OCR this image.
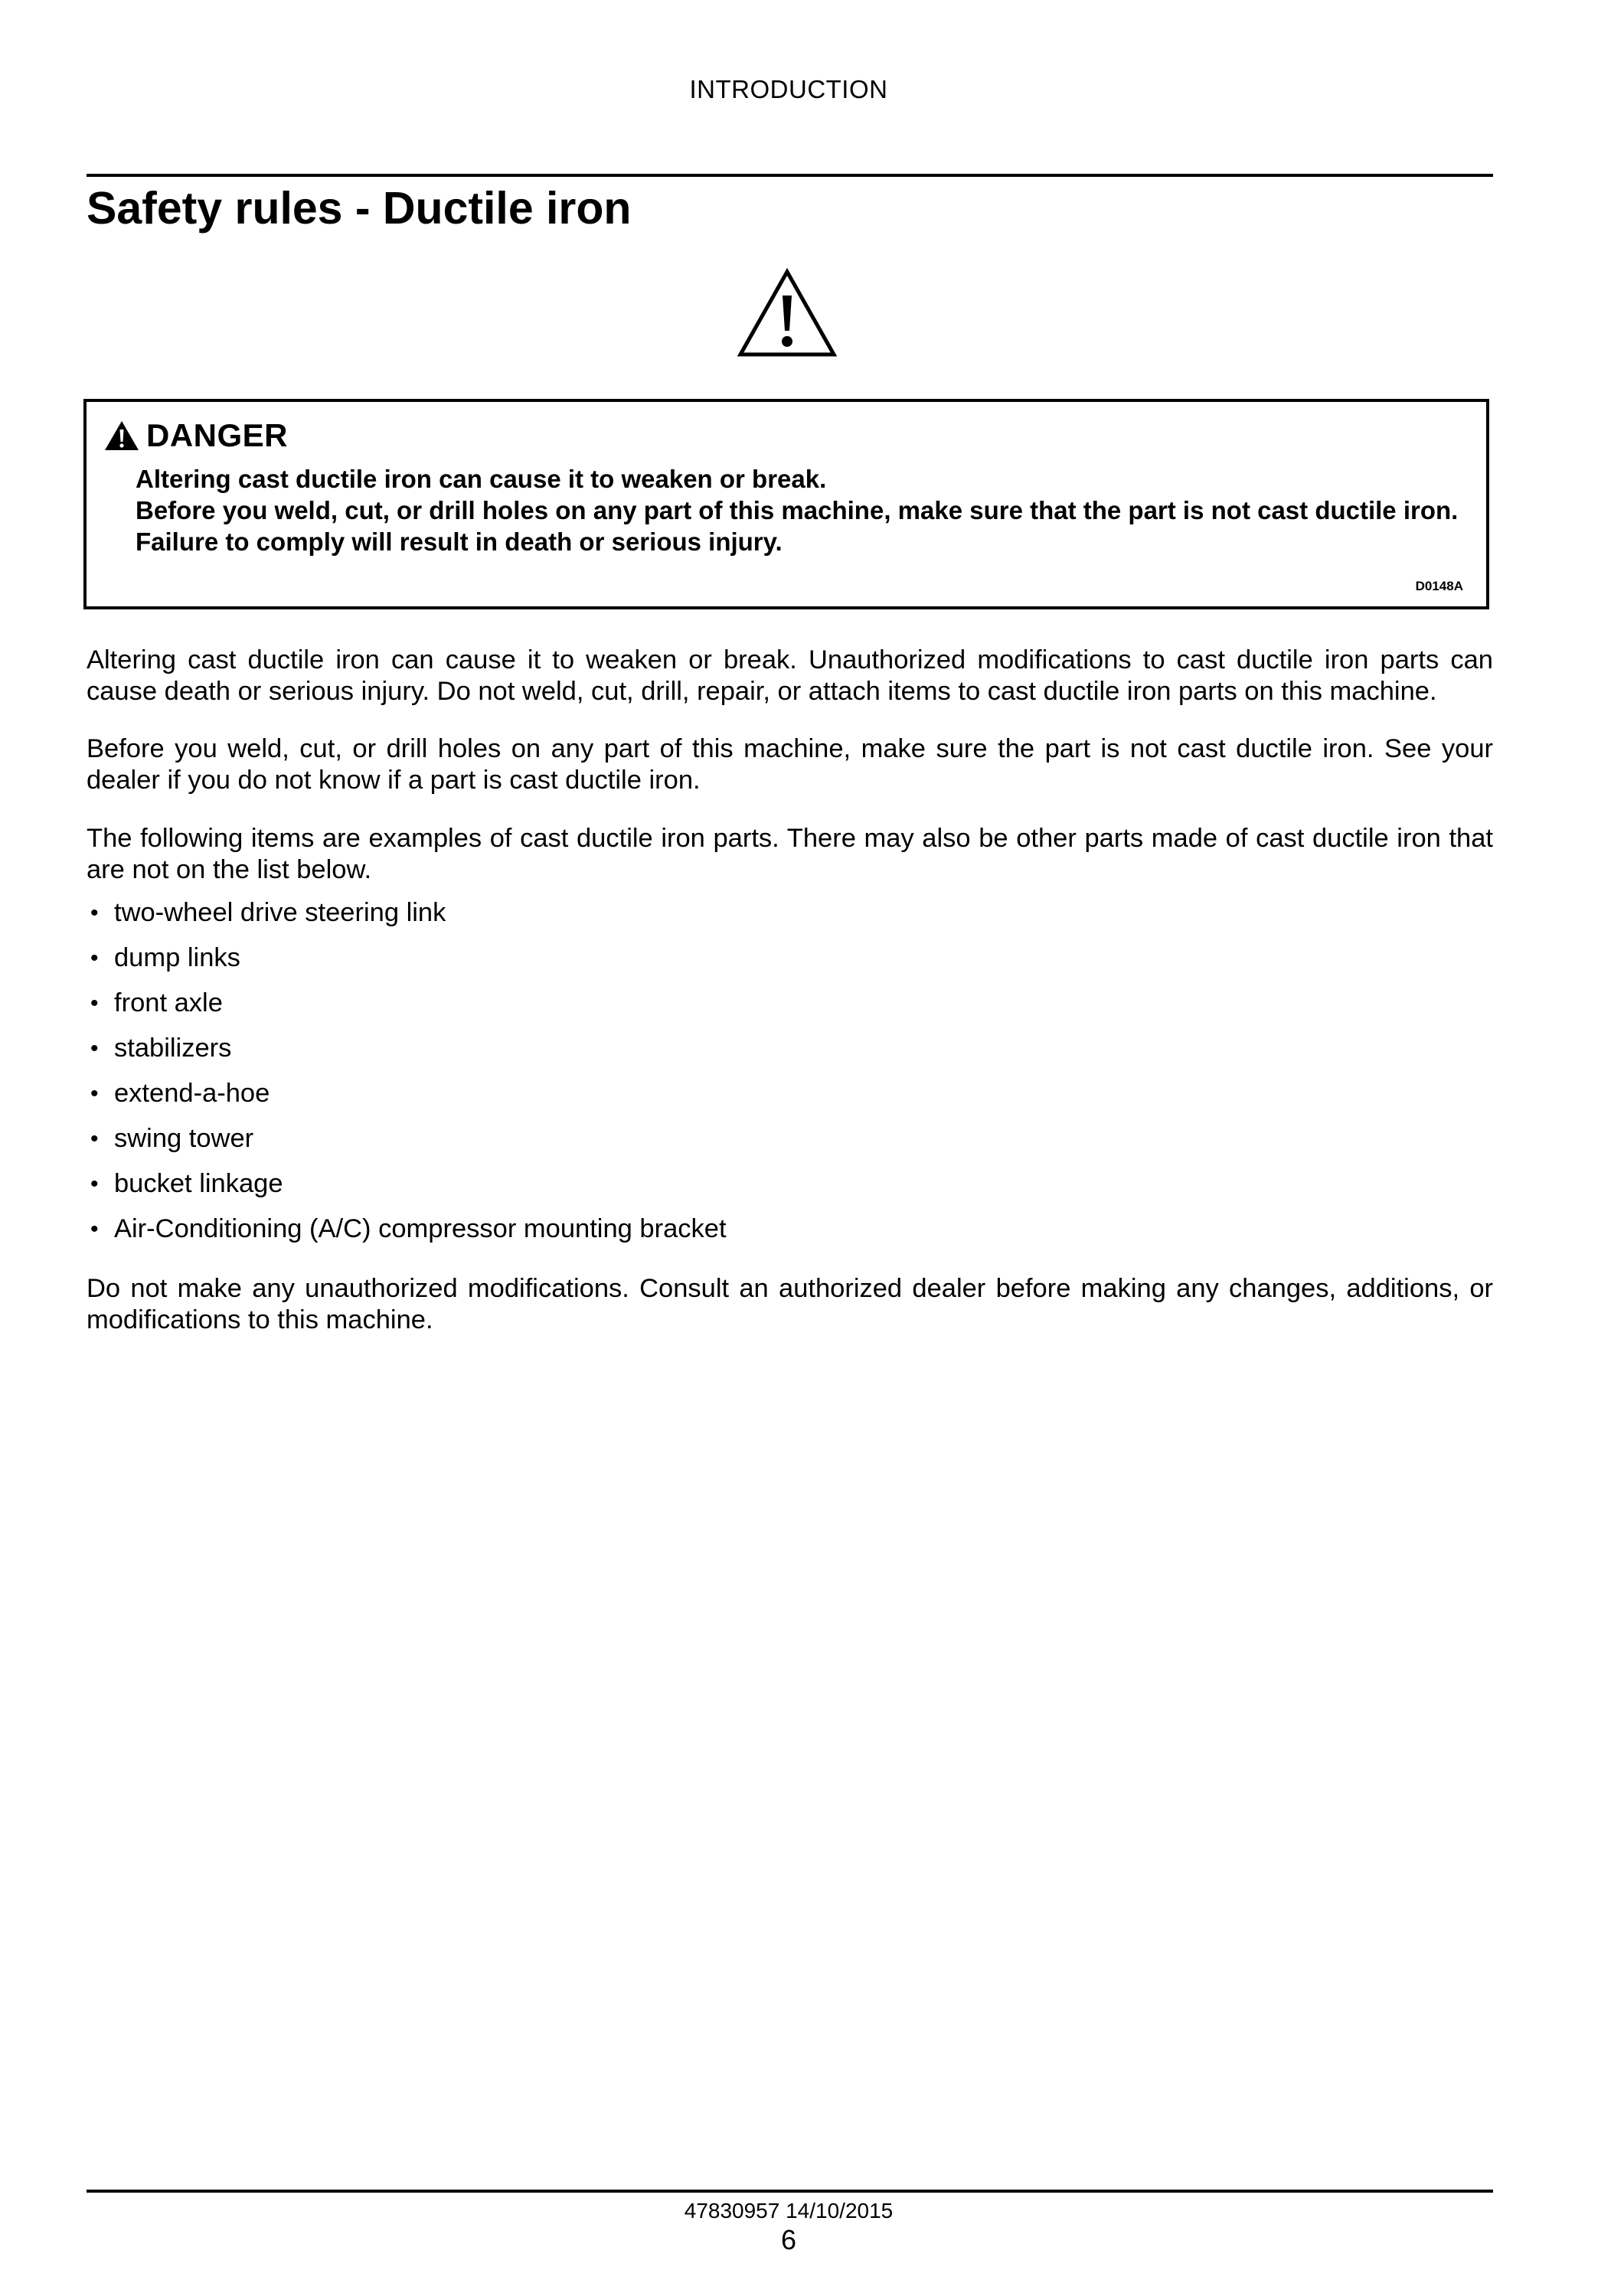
INTRODUCTION
Safety rules - Ductile iron
DANGER

Altering cast ductile iron can cause it to weaken or break.

Before you weld, cut, or drill holes on any part of this machine, make sure that the part is not cast ductile iron.

Failure to comply will result in death or serious injury.

D0148A
Altering cast ductile iron can cause it to weaken or break. Unauthorized modifications to cast ductile iron parts can cause death or serious injury. Do not weld, cut, drill, repair, or attach items to cast ductile iron parts on this machine.
Before you weld, cut, or drill holes on any part of this machine, make sure the part is not cast ductile iron. See your dealer if you do not know if a part is cast ductile iron.
The following items are examples of cast ductile iron parts. There may also be other parts made of cast ductile iron that are not on the list below.
• two-wheel drive steering link
• dump links
• front axle
• stabilizers
• extend-a-hoe
• swing tower
• bucket linkage
• Air-Conditioning (A/C) compressor mounting bracket
Do not make any unauthorized modifications. Consult an authorized dealer before making any changes, additions, or modifications to this machine.
47830957 14/10/2015
6
